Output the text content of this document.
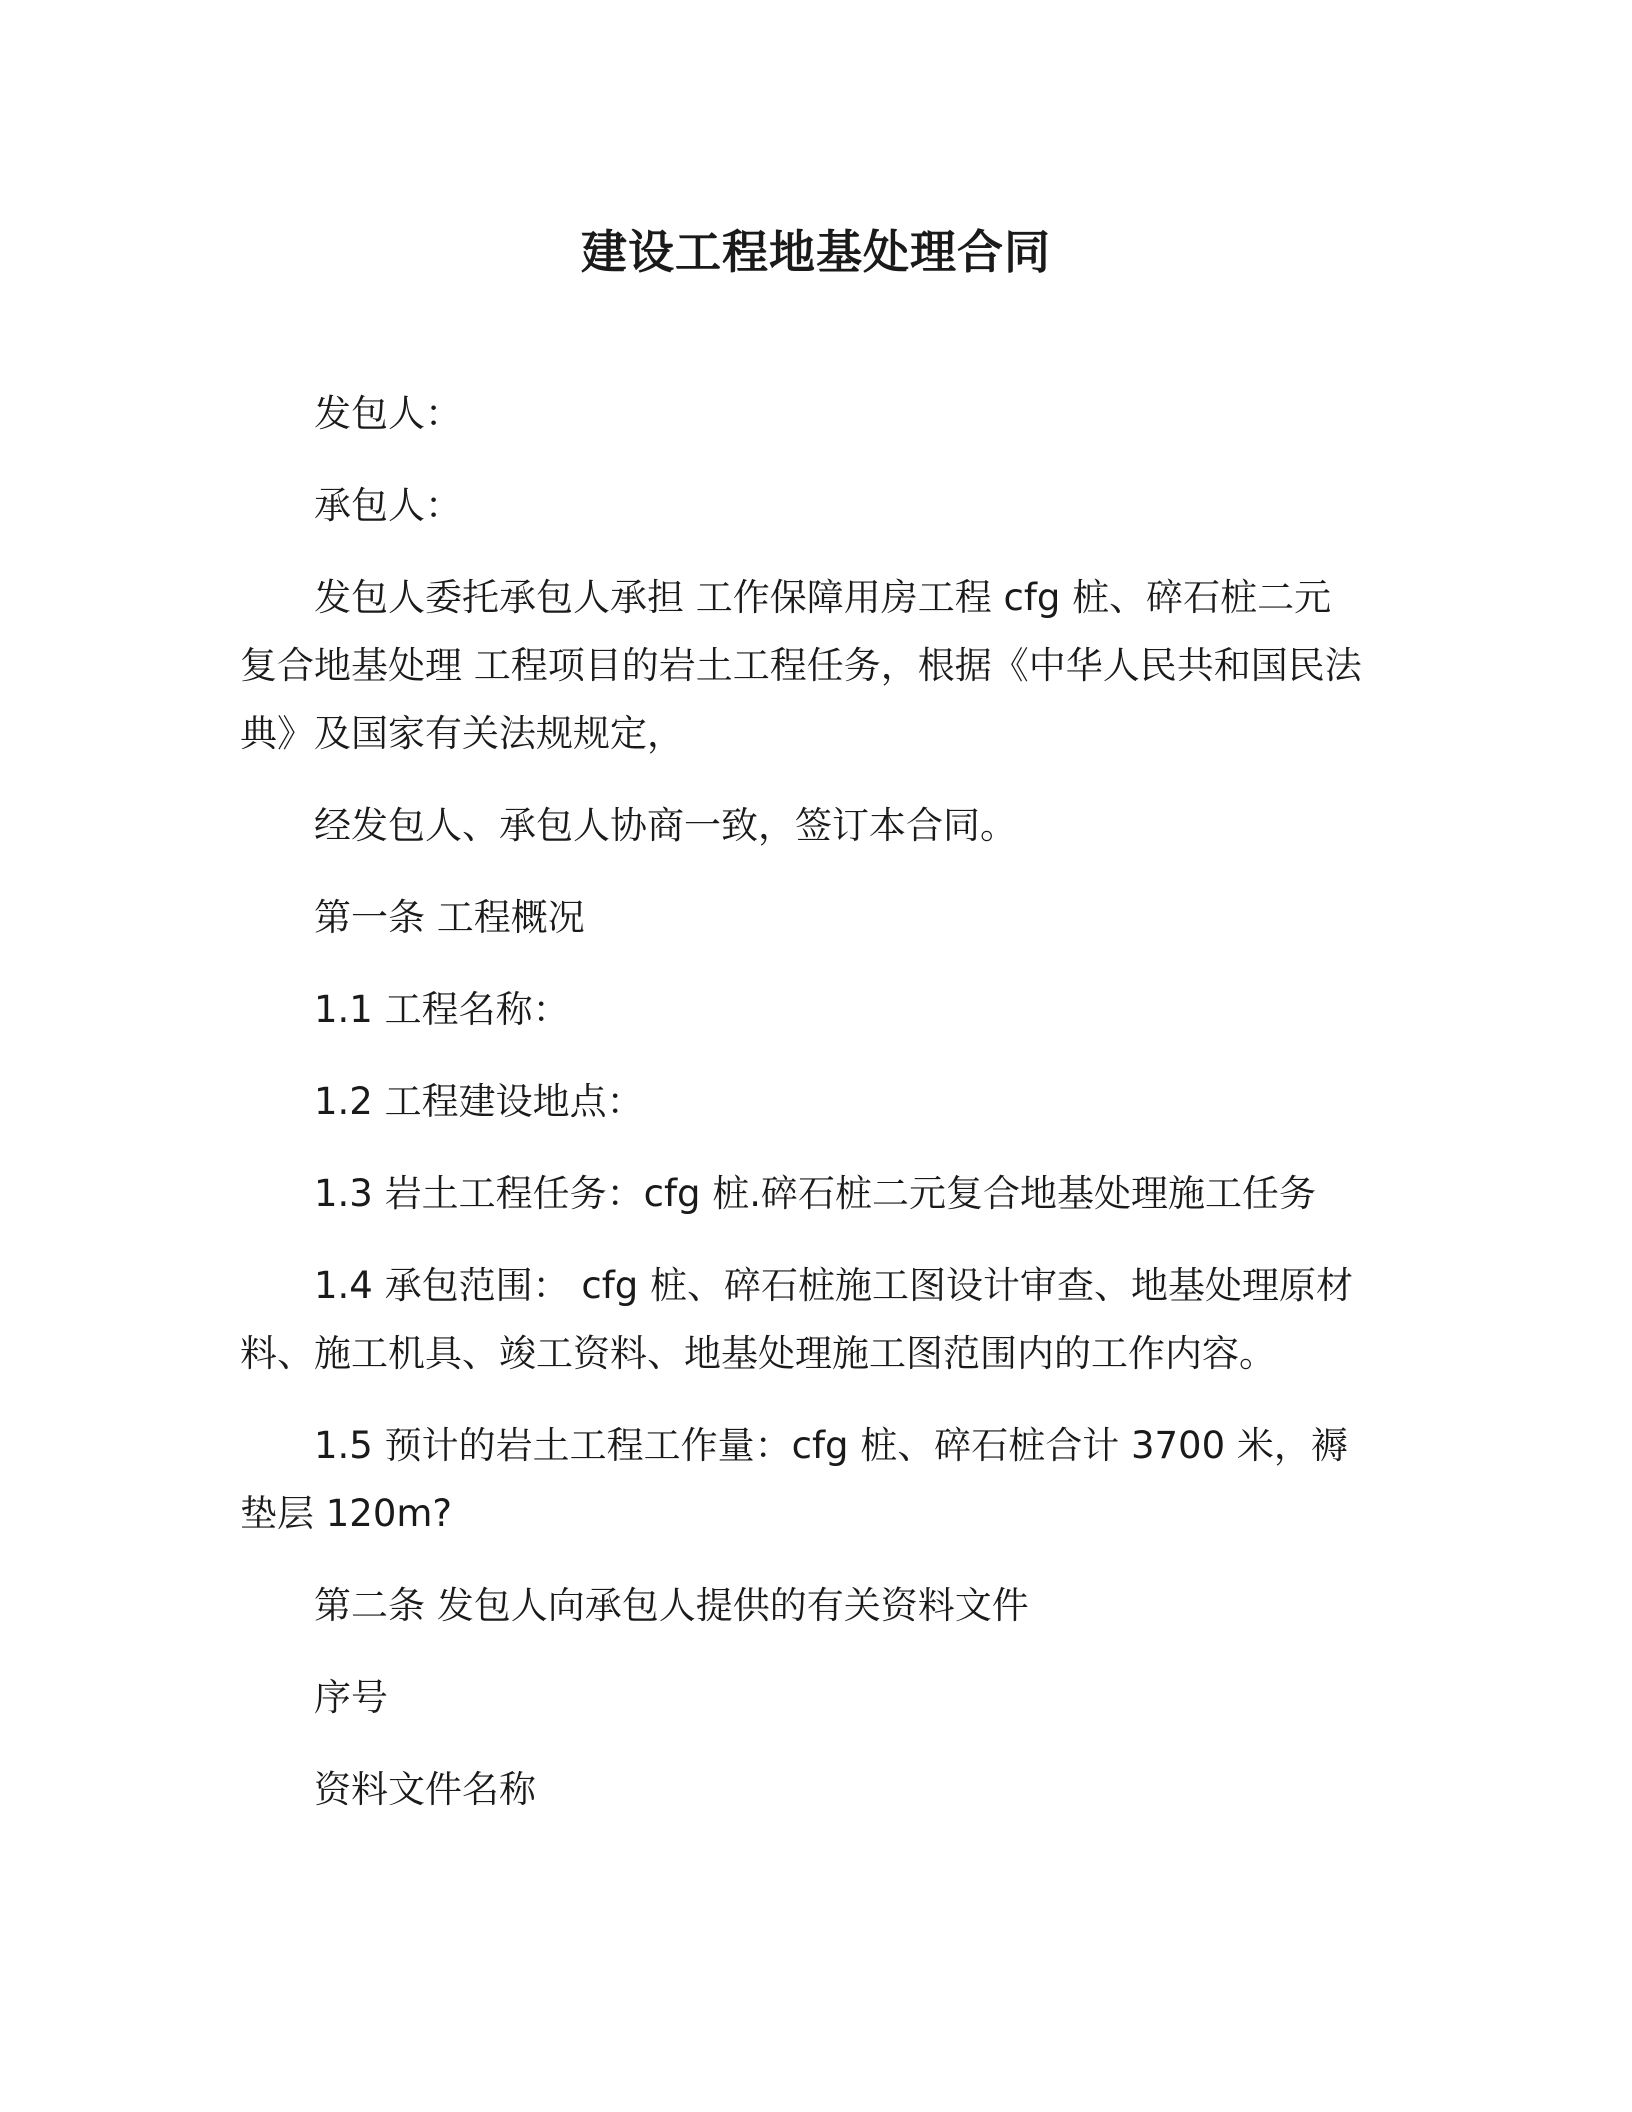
建设工程地基处理合同
发包人：
承包人：
发包人委托承包人承担 工作保障用房工程 cfg 桩、碎石桩二元复合地基处理 工程项目的岩土工程任务，根据《中华人民共和国民法典》及国家有关法规规定，
经发包人、承包人协商一致，签订本合同。
第一条 工程概况
1.1 工程名称：
1.2 工程建设地点：
1.3 岩土工程任务：cfg 桩.碎石桩二元复合地基处理施工任务
1.4 承包范围： cfg 桩、碎石桩施工图设计审查、地基处理原材料、施工机具、竣工资料、地基处理施工图范围内的工作内容。
1.5 预计的岩土工程工作量：cfg 桩、碎石桩合计 3700 米，褥垫层 120m?
第二条 发包人向承包人提供的有关资料文件
序号
资料文件名称
